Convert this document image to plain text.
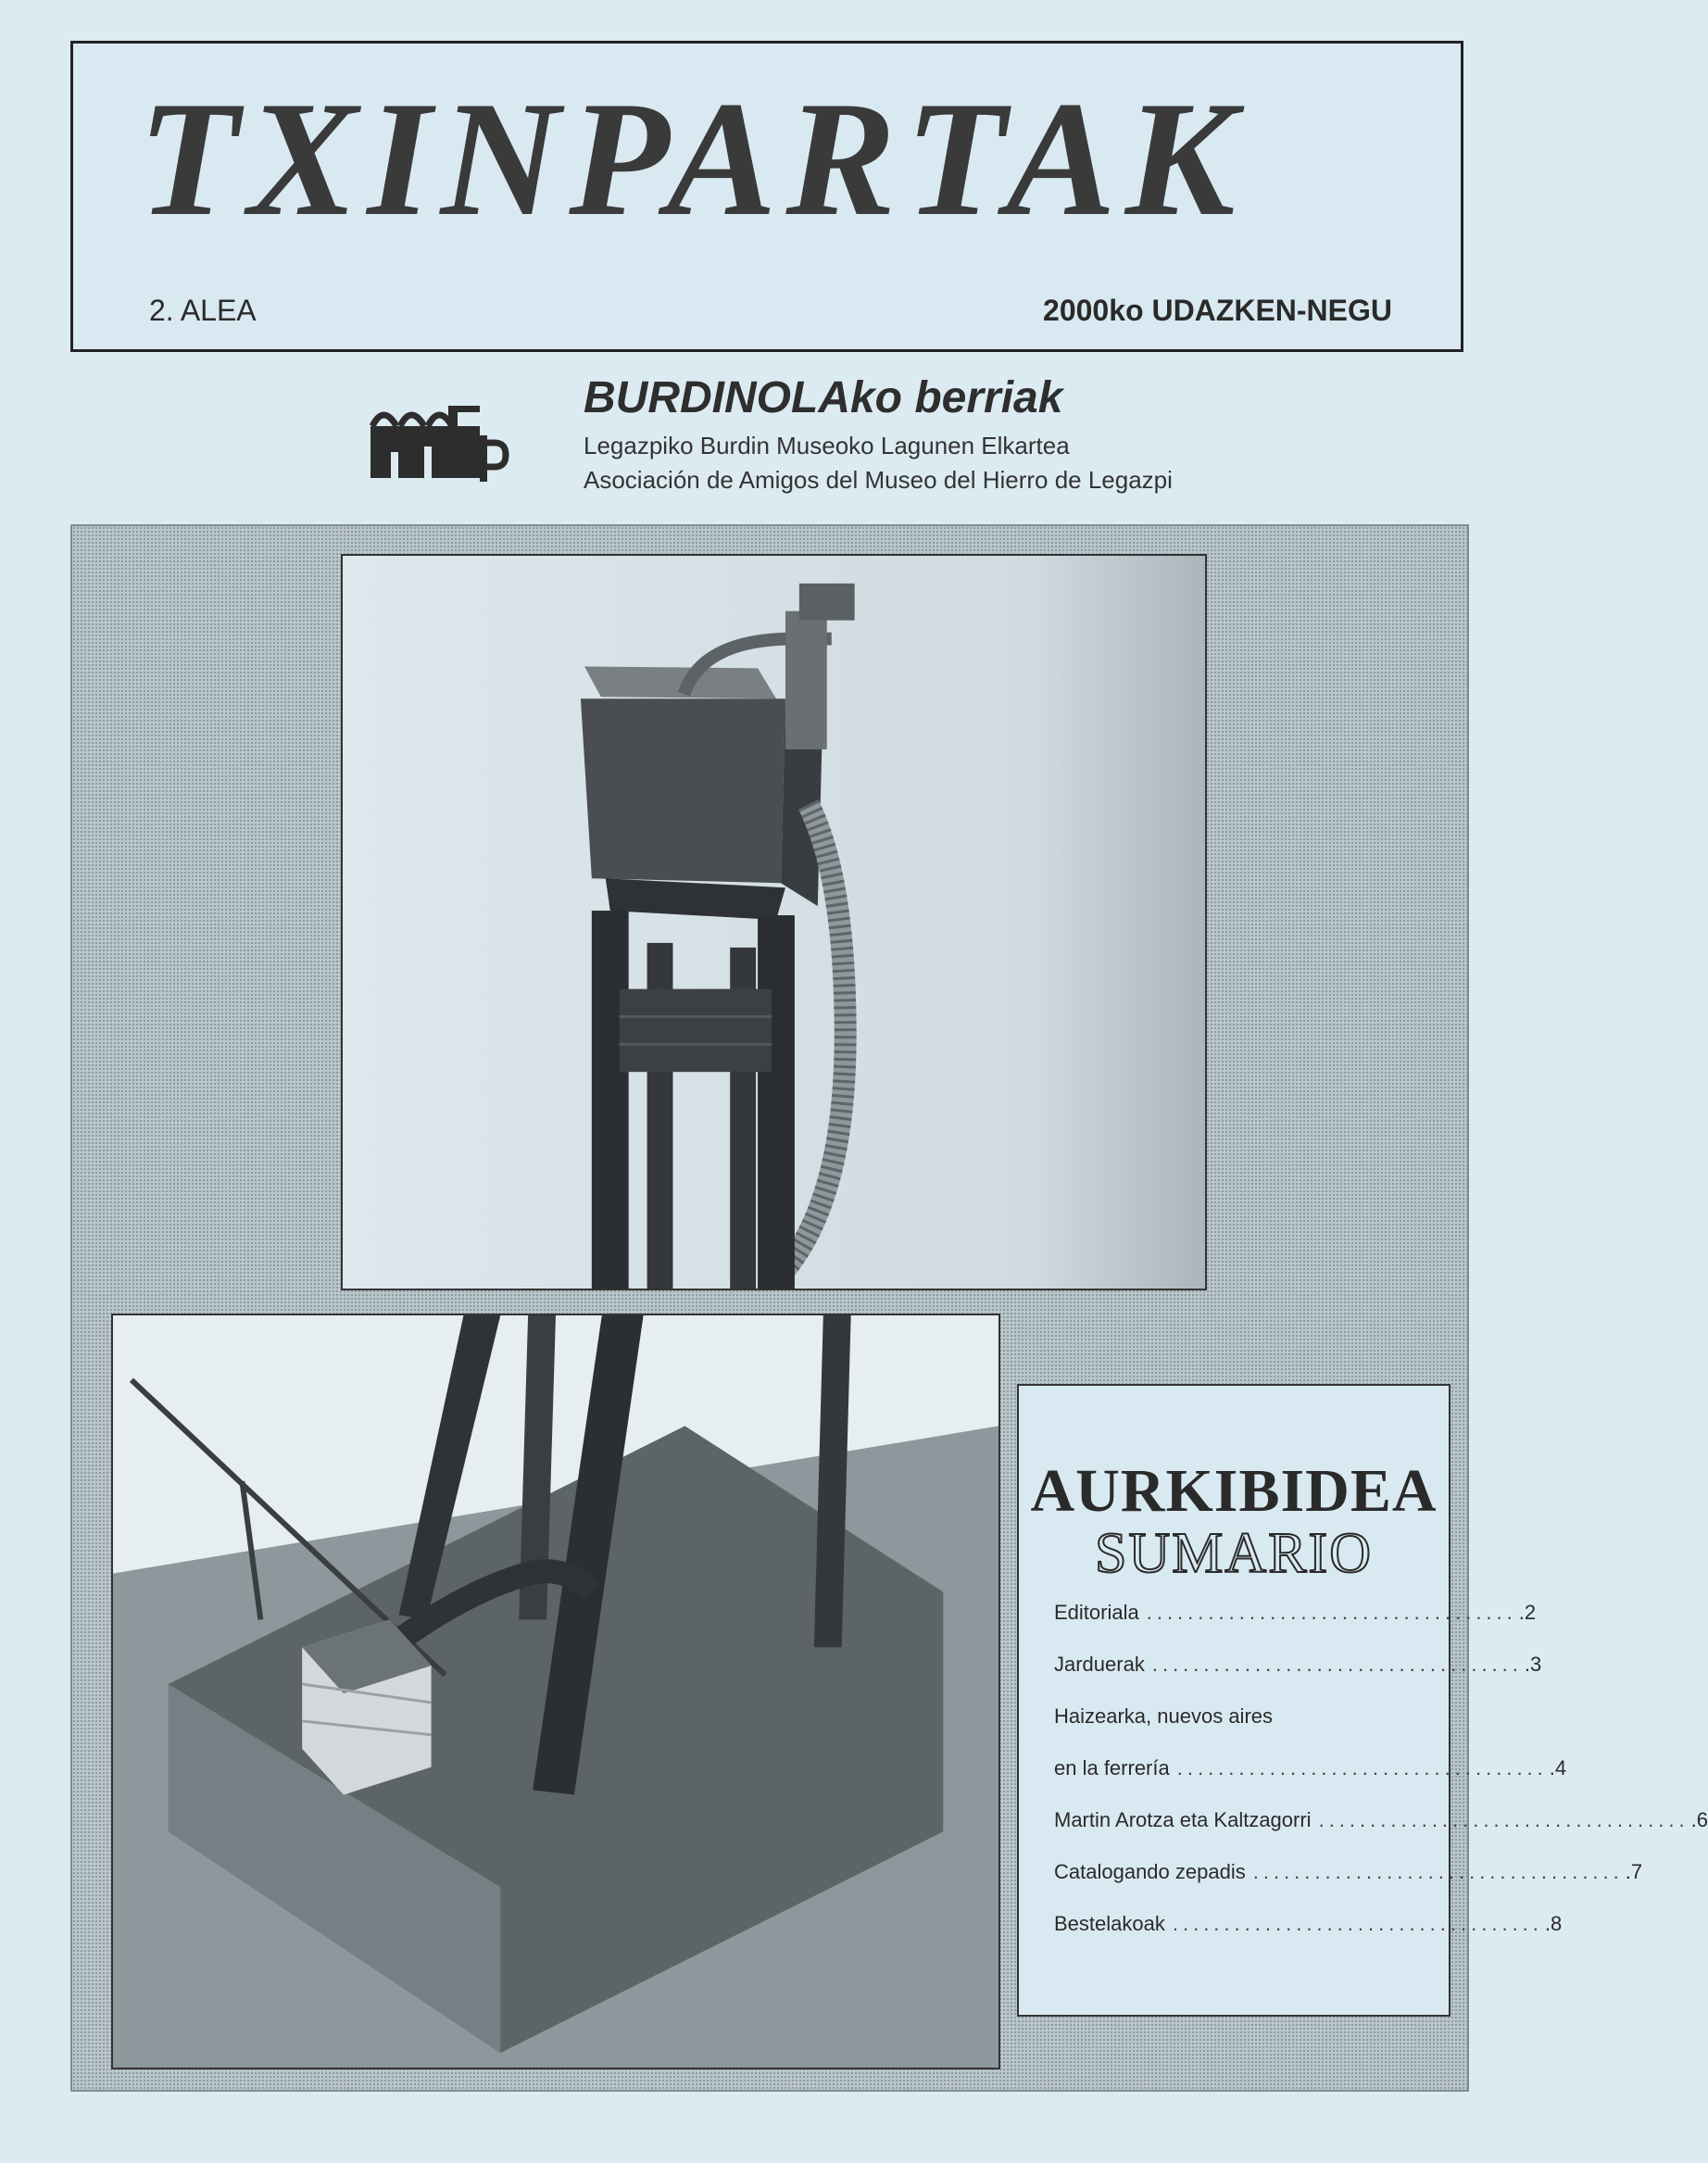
TXINPARTAK
2. ALEA	2000ko UDAZKEN-NEGU
BURDINOLAko berriak
Legazpiko Burdin Museoko Lagunen Elkartea
Asociación de Amigos del Museo del Hierro de Legazpi
AURKIBIDEA
SUMARIO
Editoriala .................................... .2
Jarduerak .................................... .3
Haizearka, nuevos aires
en la ferrería .................................... .4
Martin Arotza eta Kaltzagorri .................................... .6
Catalogando zepadis .................................... .7
Bestelakoak .................................... .8
